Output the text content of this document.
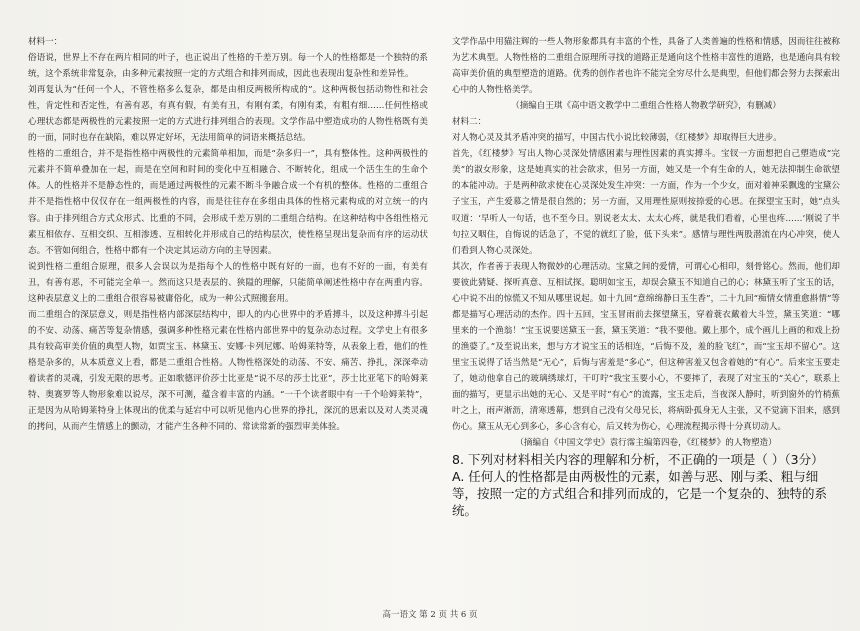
材料一：

俗语说，世界上不存在两片相同的叶子，也正说出了性格的千差万别。每一个人的性格都是一个独特的系统，这个系统非常复杂，由多种元素按照一定的方式组合和排列而成，因此也表现出复杂性和差异性。

刘再复认为“任何一个人，不管性格多么复杂，都是由相反两极所构成的”。这种两极包括动物性和社会性，肯定性和否定性，有善有恶，有真有假，有美有丑，有刚有柔，有刚有柔，有粗有细……任何性格或心理状态都是两极性的元素按照一定的方式进行排列组合的表现。文学作品中塑造成功的人物性格既有美的一面，同时也存在缺陷，难以界定好坏，无法用简单的词语来概括总结。

性格的二重组合，并不是指性格中两极性的元素简单相加，而是“杂多归一”，具有整体性。这种两极性的元素并不简单叠加在一起，而是在空间和时间的变化中互相融合、不断转化，组成一个活生生的生命个体。人的性格并不是静态性的，而是通过两极性的元素不断斗争融合成一个有机的整体。性格的二重组合并不是指性格中仅仅存在一组两极性的内容，而是往往存在多组由具体的性格元素构成的对立统一的内容。由于排列组合方式众形式、比重的不同，会形成千差万别的二重组合结构。在这种结构中各组性格元素互相依存、互相交织、互相渗透、互相转化并形成自己的结构层次，使性格呈现出复杂而有序的运动状态。不管如何组合，性格中都有一个决定其运动方向的主导因素。

说到性格二重组合原理，很多人会误以为是指每个人的性格中既有好的一面，也有不好的一面，有美有丑，有善有恶，不可能完全单一。然而这只是表层的、狭隘的理解，只能简单阐述性格中存在两重内容。这种表层意义上的二重组合很容易被庸俗化，成为一种公式照搬套用。

而二重组合的深层意义，则是指性格内部深层结构中，即人的内心世界中的矛盾搏斗，以及这种搏斗引起的不安、动荡、痛苦等复杂情感，强调多种性格元素在性格内部世界中的复杂动态过程。文学史上有很多具有较高审美价值的典型人物，如贾宝玉、林黛玉、安娜·卡列尼娜、哈姆莱特等，从表象上看，他们的性格是杂多的，从本质意义上看，都是二重组合性格。人物性格深处的动荡、不安、痛苦、挣扎，深深牵动着读者的灵魂，引发无限的思考。正如歌德评价莎士比亚是“说不尽的莎士比亚”，莎士比亚笔下的哈姆莱特、奥赛罗等人物形象难以说尽，深不可测，蕴含着丰富的内涵。“一千个读者眼中有一千个哈姆莱特”，正是因为从哈姆莱特身上体现出的优柔与延宕中可以听见他内心世界的挣扎，深沉的思索以及对人类灵魂的拷问，从而产生情感上的颤动，才能产生各种不同的、常读常新的强烈审美体验。

文学作品中用猫注辉的一些人物形象都具有丰富的个性，具备了人类普遍的性格和情感，因而往往被称为艺术典型。人物性格的二重组合原理所寻找的道路正是通向这个性格丰富性的道路，也是通向具有较高审美价值的典型塑造的道路。优秀的创作者也许不能完全穷尽什么是典型，但他们都会努力去探索出心中的人物性格美学。

（摘编自王琪《高中语文教学中二重组合性格人物教学研究》，有删减）

材料二：

对人物心灵及其矛盾冲突的描写，中国古代小说比较薄弱，《红楼梦》却取得巨大进步。

首先，《红楼梦》写出人物心灵深处情感困素与理性因素的真实搏斗。宝钗一方面想把自己塑造成“完美”的淑女形象，这是她真实的社会欲求，但另一方面，她又是一个有生命的人，她无法抑制生命欲望的本能冲动。于是两种欲求使在心灵深处发生冲突：一方面，作为一个少女，面对着神采飘逸的宝黛公子宝玉，产生爱慕之情是很自然的；另一方面，又用理性原则按捺爱的心思。在探望宝玉时，她“点头叹道：‘早听人一句话，也不至今日。别说老太太、太太心疼，就是我们看着，心里也疼……’刚说了半句拉又咽住，自悔说的话急了，不觉的就红了脸，低下头来”。感情与理性两股潜流在内心冲突，使人们看到人物心灵深处。

其次，作者善于表现人物微妙的心理活动。宝黛之间的爱情，可谓心心相印，刻骨铭心。然而，他们却要彼此猜疑、探听真意、互相试探。聪明如宝玉，却误会黛玉不知道自己的心；林黛玉听了宝玉的话，心中说不出的惊慌又不知从哪里说起。如十九回“意绵绵静日玉生香”，二十九回“痴情女情重愈斟情”等都是描写心理活动的杰作。四十五回，宝玉冒雨前去探望黛玉，穿着蓑衣戴着大斗笠，黛玉笑道：“哪里来的一个渔翁！”宝玉说要送黛玉一套，黛玉笑道：“我不要他。戴上那个，成个画儿上画的和戏上扮的渔婆了。”及至说出来，想与方才说宝玉的话相连，“后悔不及，羞的脸飞红”，而“宝玉却不留心”。这里宝玉说得了话当然是“无心”，后悔与害羞是“多心”，但这种害羞又包含着她的“有心”。后来宝玉要走了，她动他拿自己的玻璃绣球灯，干叮咛“我宝玉要小心，不要摔了，表现了对宝玉的“关心”，联系上面的描写，更显示出她的无心、又是平时“有心”的流露，宝玉走后，当夜深人静时，听到窗外的竹梢蕉叶之上，雨声淅沥，清寒透幕，想到自己没有父母兄长，将病卧孤身无人主张，又不觉滴下泪来，感到伤心。黛玉从无心到多心，多心含有心，后又转为伤心，心理流程揭示得十分真切动人。

（摘编自《中国文学史》袁行霈主编第四卷，《红楼梦》的人物塑造）

8. 下列对材料相关内容的理解和分析，不正确的一项是（ ）（3分）
A. 任何人的性格都是由两极性的元素，如善与恶、刚与柔、粗与细等，按照一定的方式组合和排列而成的，它是一个复杂的、独特的系统。

高一语文 第 2 页 共 6 页
